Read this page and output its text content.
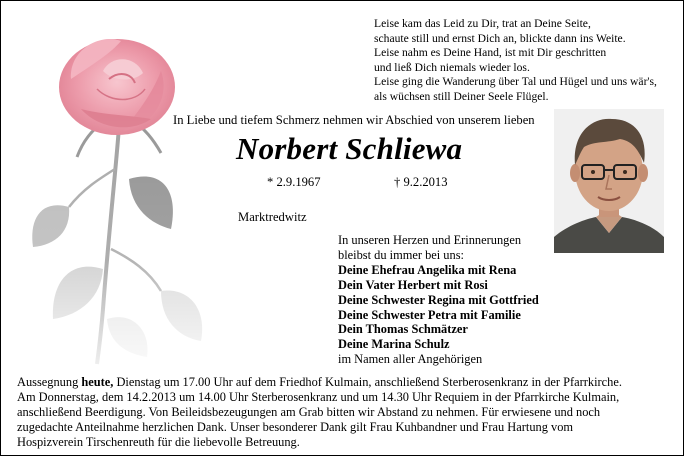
Leise kam das Leid zu Dir, trat an Deine Seite,
schaute still und ernst Dich an, blickte dann ins Weite.
Leise nahm es Deine Hand, ist mit Dir geschritten
und ließ Dich niemals wieder los.
Leise ging die Wanderung über Tal und Hügel und uns wär's,
als wüchsen still Deiner Seele Flügel.
In Liebe und tiefem Schmerz nehmen wir Abschied von unserem lieben
Norbert Schliewa
* 2.9.1967	† 9.2.2013
Marktredwitz
In unseren Herzen und Erinnerungen
bleibst du immer bei uns:
Deine Ehefrau Angelika mit Rena
Dein Vater Herbert mit Rosi
Deine Schwester Regina mit Gottfried
Deine Schwester Petra mit Familie
Dein Thomas Schmätzer
Deine Marina Schulz
im Namen aller Angehörigen
Aussegnung heute, Dienstag um 17.00 Uhr auf dem Friedhof Kulmain, anschließend Sterberosenkranz in der Pfarrkirche.
Am Donnerstag, dem 14.2.2013 um 14.00 Uhr Sterberosenkranz und um 14.30 Uhr Requiem in der Pfarrkirche Kulmain,
anschließend Beerdigung. Von Beileidsbezeugungen am Grab bitten wir Abstand zu nehmen. Für erwiesene und noch
zugedachte Anteilnahme herzlichen Dank. Unser besonderer Dank gilt Frau Kuhbandner und Frau Hartung vom
Hospizverein Tirschenreuth für die liebevolle Betreuung.
